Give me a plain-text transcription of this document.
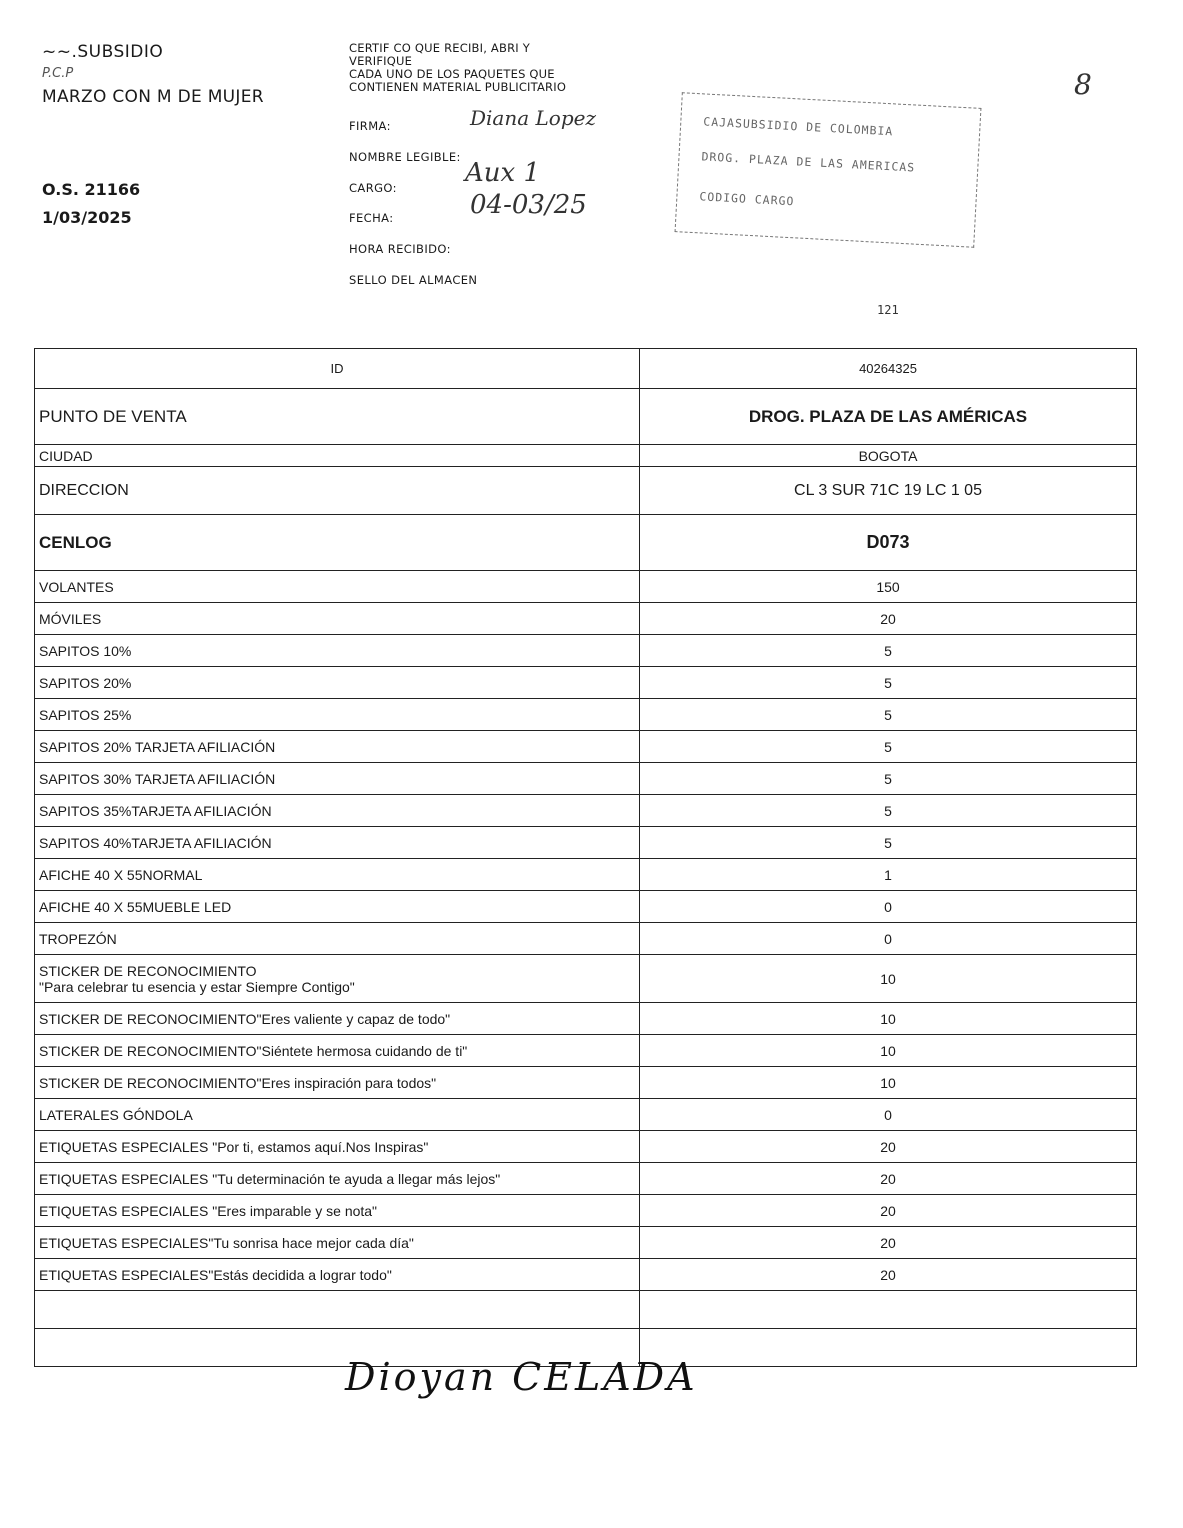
~~.SUBSIDIO
P.C.P
MARZO CON M DE MUJER
O.S. 21166
1/03/2025
CERTIF CO QUE RECIBI, ABRI Y
VERIFIQUE
CADA UNO DE LOS PAQUETES QUE
CONTIENEN MATERIAL PUBLICITARIO
FIRMA:	Diana Lopez
NOMBRE LEGIBLE:
CARGO:	Aux 1
FECHA:	04-03/25
HORA RECIBIDO:
SELLO DEL ALMACEN
CAJASUBSIDIO DE COLOMBIA
DROG. PLAZA DE LAS AMERICAS
CODIGO CARGO
8
121
ID	40264325
PUNTO DE VENTA	DROG. PLAZA DE LAS AMÉRICAS
CIUDAD	BOGOTA
DIRECCION	CL 3 SUR 71C 19 LC 1 05
CENLOG	D073
VOLANTES	150
MÓVILES	20
SAPITOS 10%	5
SAPITOS 20%	5
SAPITOS 25%	5
SAPITOS 20% TARJETA AFILIACIÓN	5
SAPITOS 30% TARJETA AFILIACIÓN	5
SAPITOS 35%TARJETA AFILIACIÓN	5
SAPITOS 40%TARJETA AFILIACIÓN	5
AFICHE 40 X 55NORMAL	1
AFICHE 40 X 55MUEBLE LED	0
TROPEZÓN	0

STICKER DE RECONOCIMIENTO
"Para celebrar tu esencia y estar Siempre Contigo"	10
STICKER DE RECONOCIMIENTO"Eres valiente y capaz de todo"	10
STICKER DE RECONOCIMIENTO"Siéntete hermosa cuidando de ti"	10
STICKER DE RECONOCIMIENTO"Eres inspiración para todos"	10
LATERALES GÓNDOLA	0
ETIQUETAS ESPECIALES "Por ti, estamos aquí.Nos Inspiras"	20
ETIQUETAS ESPECIALES "Tu determinación te ayuda a llegar más lejos"	20
ETIQUETAS ESPECIALES "Eres imparable y se nota"	20
ETIQUETAS ESPECIALES"Tu sonrisa hace mejor cada día"	20
ETIQUETAS ESPECIALES"Estás decidida a lograr todo"	20

Dioyan CELADA
